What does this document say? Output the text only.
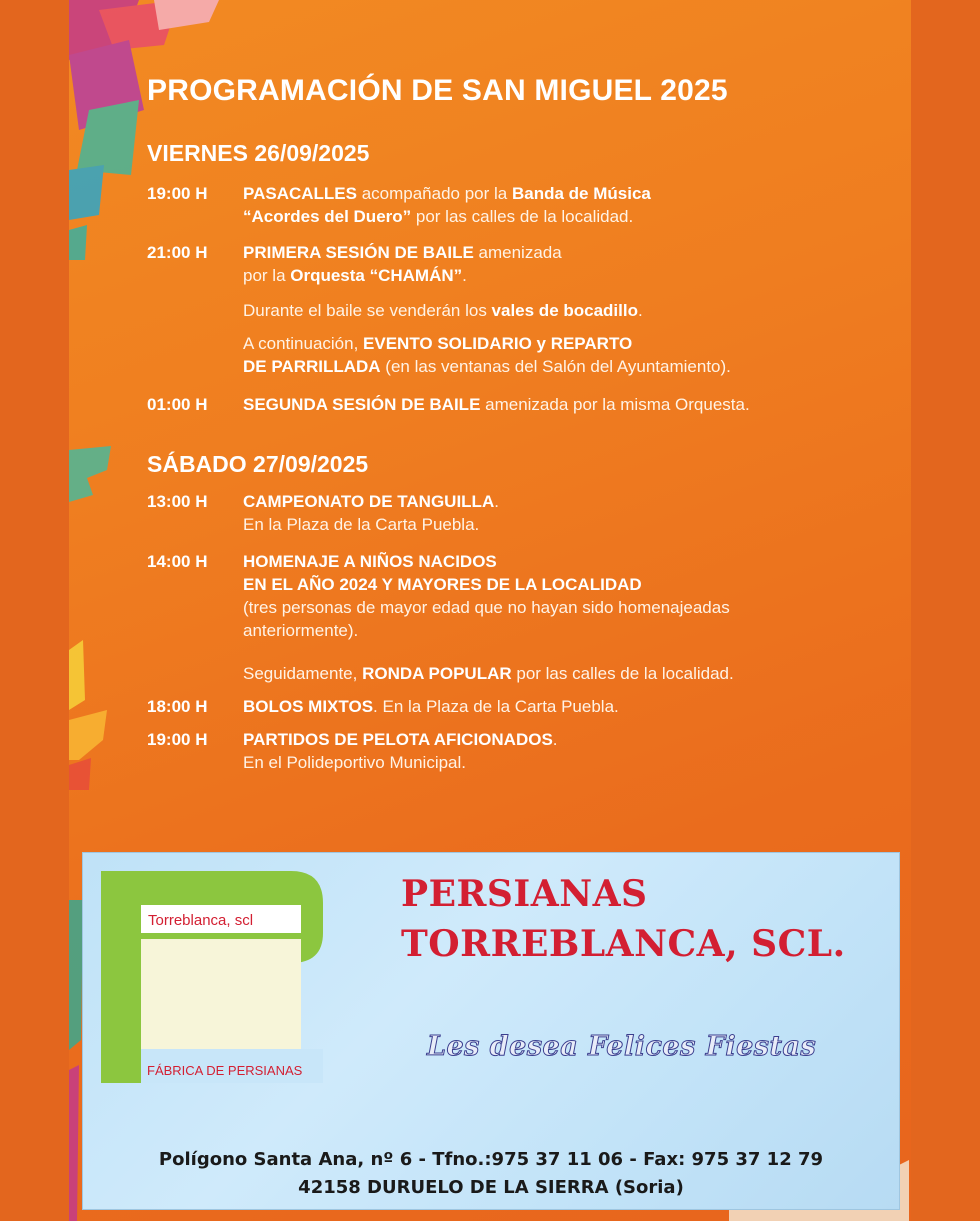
PROGRAMACIÓN DE SAN MIGUEL 2025
VIERNES 26/09/2025
19:00 H PASACALLES acompañado por la Banda de Música
“Acordes del Duero” por las calles de la localidad.
21:00 H PRIMERA SESIÓN DE BAILE amenizada
por la Orquesta “CHAMÁN”.
Durante el baile se venderán los vales de bocadillo.
A continuación, EVENTO SOLIDARIO y REPARTO
DE PARRILLADA (en las ventanas del Salón del Ayuntamiento).
01:00 H SEGUNDA SESIÓN DE BAILE amenizada por la misma Orquesta.
SÁBADO 27/09/2025
13:00 H CAMPEONATO DE TANGUILLA.
En la Plaza de la Carta Puebla.
14:00 H HOMENAJE A NIÑOS NACIDOS
EN EL AÑO 2024 Y MAYORES DE LA LOCALIDAD
(tres personas de mayor edad que no hayan sido homenajeadas
anteriormente).
Seguidamente, RONDA POPULAR por las calles de la localidad.
18:00 H BOLOS MIXTOS. En la Plaza de la Carta Puebla.
19:00 H PARTIDOS DE PELOTA AFICIONADOS.
En el Polideportivo Municipal.
Torreblanca, scl
FÁBRICA DE PERSIANAS
PERSIANAS
TORREBLANCA, SCL.
Les desea Felices Fiestas
Polígono Santa Ana, nº 6 - Tfno.:975 37 11 06 - Fax: 975 37 12 79
42158 DURUELO DE LA SIERRA (Soria)
